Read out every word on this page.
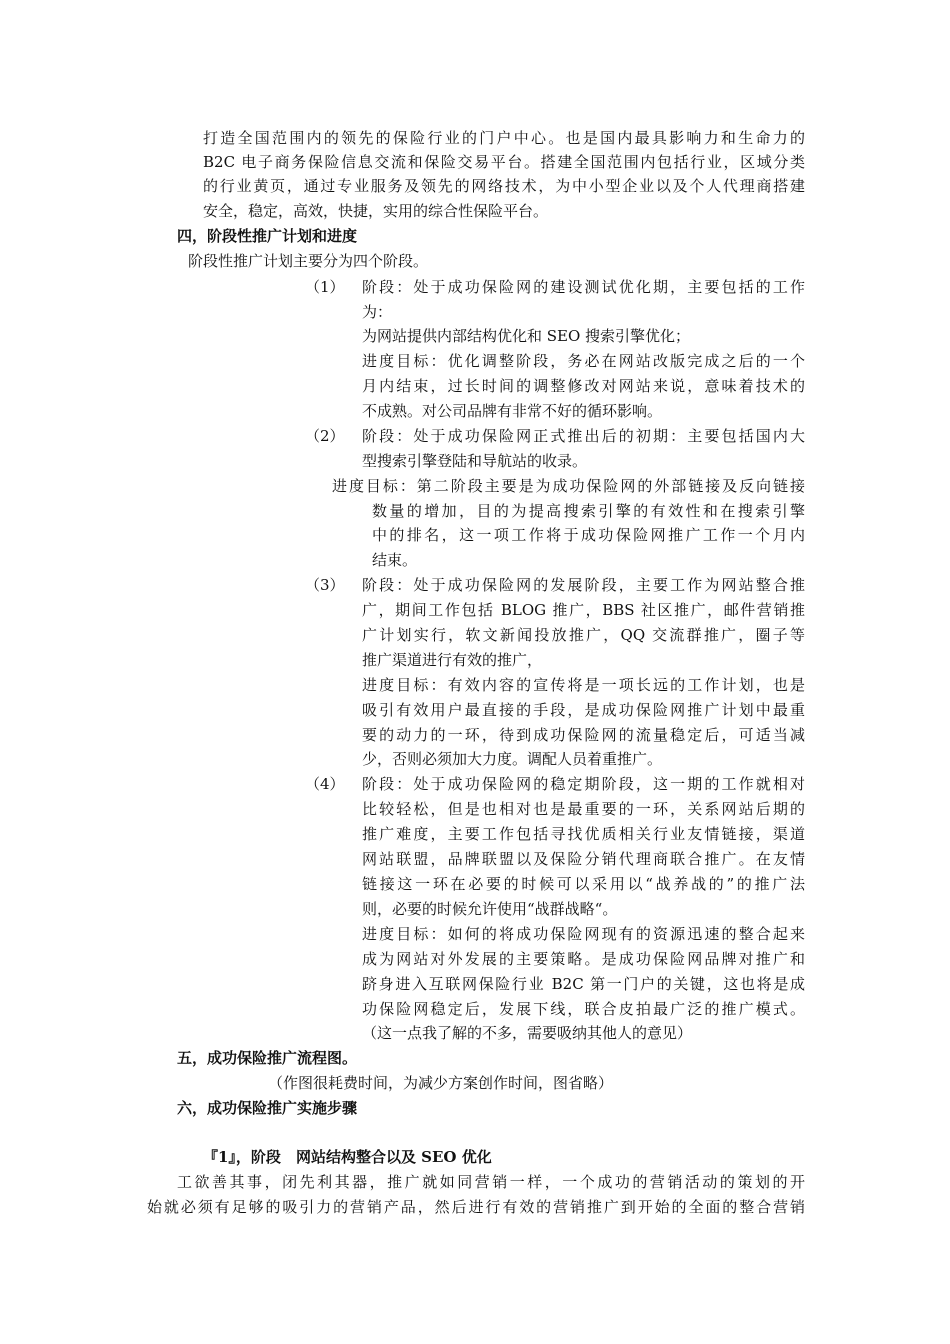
打造全国范围内的领先的保险行业的门户中心。也是国内最具影响力和生命力的
B2C 电子商务保险信息交流和保险交易平台。搭建全国范围内包括行业，区域分类
的行业黄页，通过专业服务及领先的网络技术，为中小型企业以及个人代理商搭建
安全，稳定，高效，快捷，实用的综合性保险平台。
四，阶段性推广计划和进度
阶段性推广计划主要分为四个阶段。
（1） 阶段：处于成功保险网的建设测试优化期，主要包括的工作
为：
为网站提供内部结构优化和 SEO 搜索引擎优化；
进度目标：优化调整阶段，务必在网站改版完成之后的一个
月内结束，过长时间的调整修改对网站来说，意味着技术的
不成熟。对公司品牌有非常不好的循环影响。
（2） 阶段：处于成功保险网正式推出后的初期：主要包括国内大
型搜索引擎登陆和导航站的收录。
进度目标：第二阶段主要是为成功保险网的外部链接及反向链接
数量的增加，目的为提高搜索引擎的有效性和在搜索引擎
中的排名，这一项工作将于成功保险网推广工作一个月内
结束。
（3） 阶段：处于成功保险网的发展阶段，主要工作为网站整合推
广，期间工作包括 BLOG 推广，BBS 社区推广，邮件营销推
广计划实行，软文新闻投放推广，QQ 交流群推广，圈子等
推广渠道进行有效的推广，
进度目标：有效内容的宣传将是一项长远的工作计划，也是
吸引有效用户最直接的手段，是成功保险网推广计划中最重
要的动力的一环，待到成功保险网的流量稳定后，可适当减
少，否则必须加大力度。调配人员着重推广。
（4） 阶段：处于成功保险网的稳定期阶段，这一期的工作就相对
比较轻松，但是也相对也是最重要的一环，关系网站后期的
推广难度，主要工作包括寻找优质相关行业友情链接，渠道
网站联盟，品牌联盟以及保险分销代理商联合推广。在友情
链接这一环在必要的时候可以采用以“战养战的”的推广法
则，必要的时候允许使用“战群战略“。
进度目标：如何的将成功保险网现有的资源迅速的整合起来
成为网站对外发展的主要策略。是成功保险网品牌对推广和
跻身进入互联网保险行业 B2C 第一门户的关键，这也将是成
功保险网稳定后，发展下线，联合皮拍最广泛的推广模式。
（这一点我了解的不多，需要吸纳其他人的意见）
五，成功保险推广流程图。
（作图很耗费时间，为减少方案创作时间，图省略）
六，成功保险推广实施步骤
『1』，阶段　网站结构整合以及 SEO 优化
工欲善其事，闭先利其器，推广就如同营销一样，一个成功的营销活动的策划的开
始就必须有足够的吸引力的营销产品，然后进行有效的营销推广到开始的全面的整合营销
